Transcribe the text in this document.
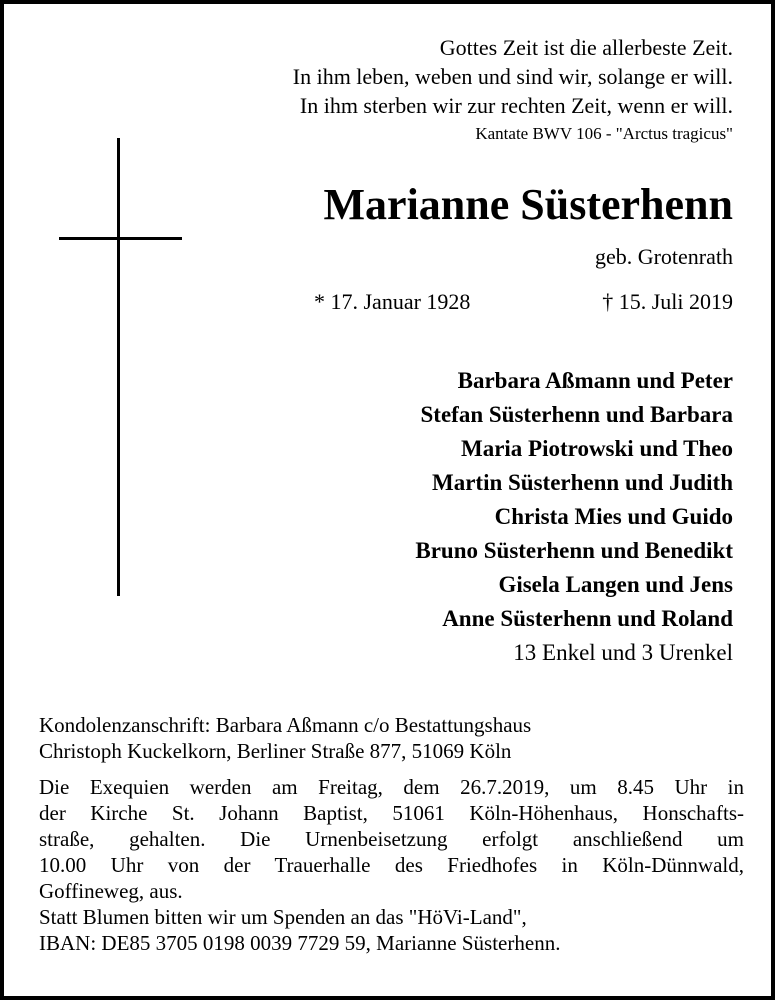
Gottes Zeit ist die allerbeste Zeit.
In ihm leben, weben und sind wir, solange er will.
In ihm sterben wir zur rechten Zeit, wenn er will.
Kantate BWV 106 - "Arctus tragicus"
Marianne Süsterhenn
geb. Grotenrath
* 17. Januar 1928	† 15. Juli 2019
Barbara Aßmann und Peter
Stefan Süsterhenn und Barbara
Maria Piotrowski und Theo
Martin Süsterhenn und Judith
Christa Mies und Guido
Bruno Süsterhenn und Benedikt
Gisela Langen und Jens
Anne Süsterhenn und Roland
13 Enkel und 3 Urenkel
Kondolenzanschrift: Barbara Aßmann c/o Bestattungshaus
Christoph Kuckelkorn, Berliner Straße 877, 51069 Köln
Die Exequien werden am Freitag, dem 26.7.2019, um 8.45 Uhr in
der Kirche St. Johann Baptist, 51061 Köln-Höhenhaus, Honschafts-
straße, gehalten. Die Urnenbeisetzung erfolgt anschließend um
10.00 Uhr von der Trauerhalle des Friedhofes in Köln-Dünnwald,
Goffineweg, aus.
Statt Blumen bitten wir um Spenden an das "HöVi-Land",
IBAN: DE85 3705 0198 0039 7729 59, Marianne Süsterhenn.
